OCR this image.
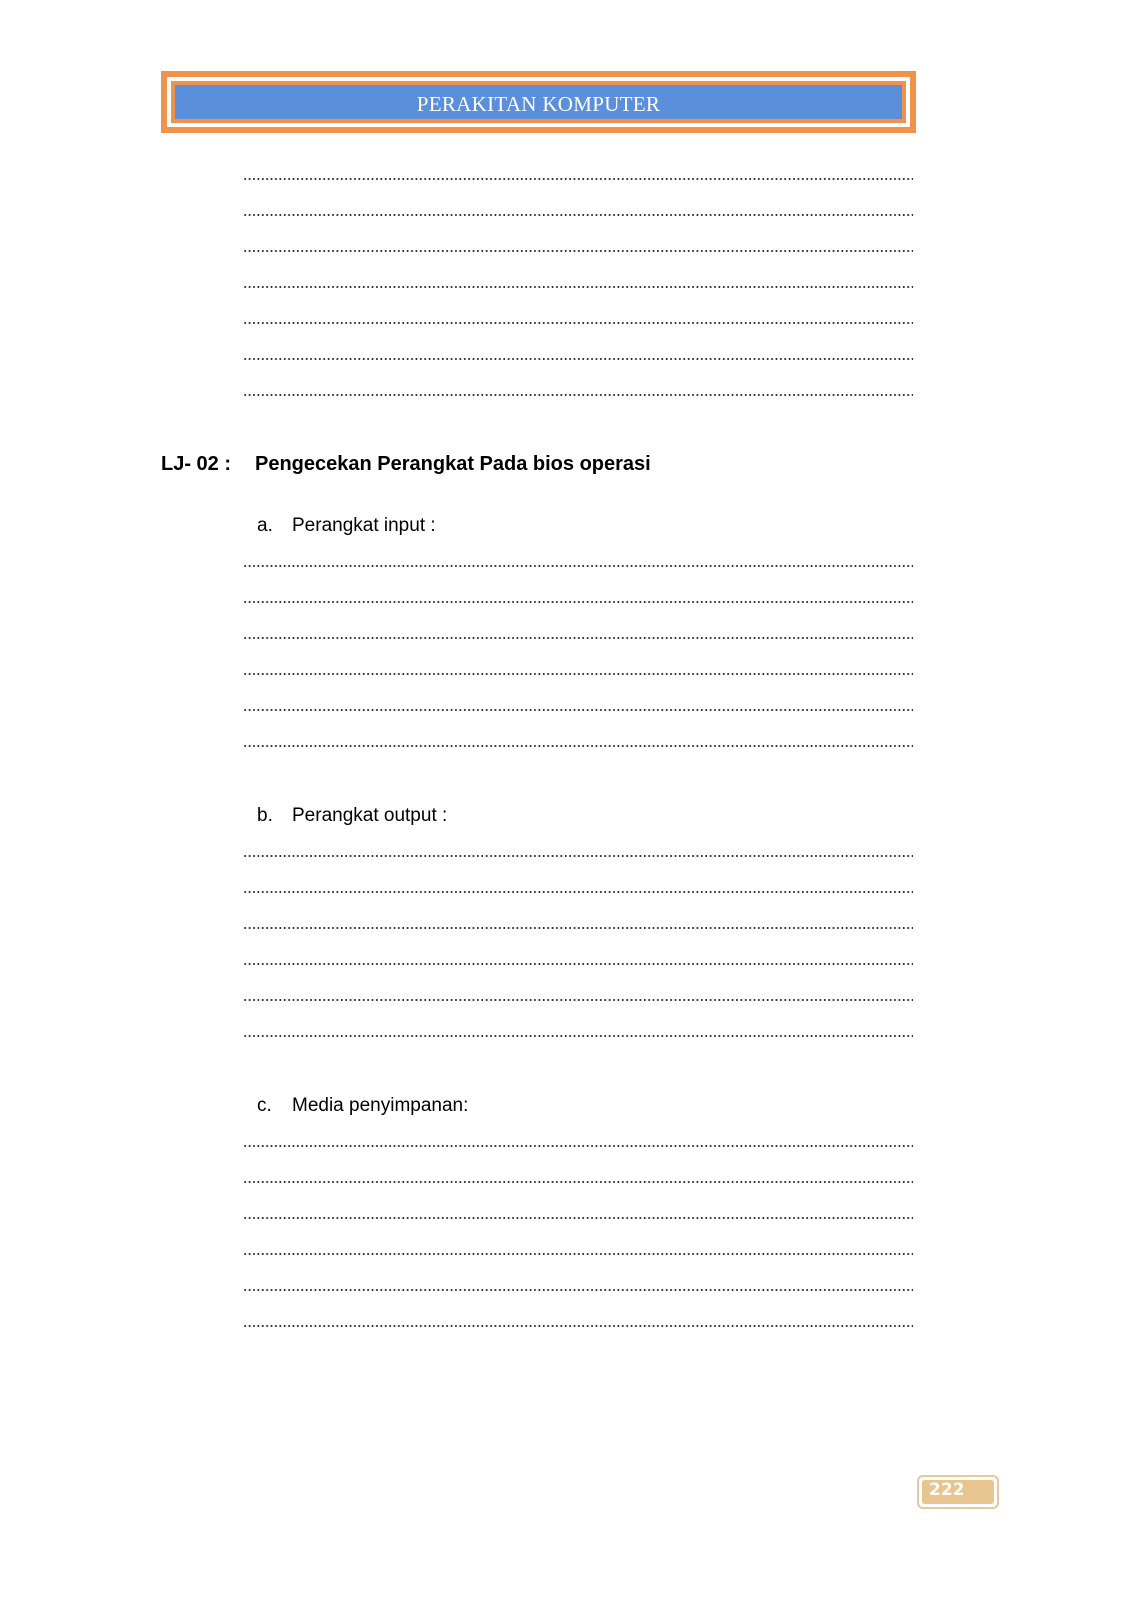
PERAKITAN KOMPUTER
LJ- 02 : Pengecekan Perangkat Pada bios operasi
a. Perangkat input :
b. Perangkat output :
c. Media penyimpanan:
222
